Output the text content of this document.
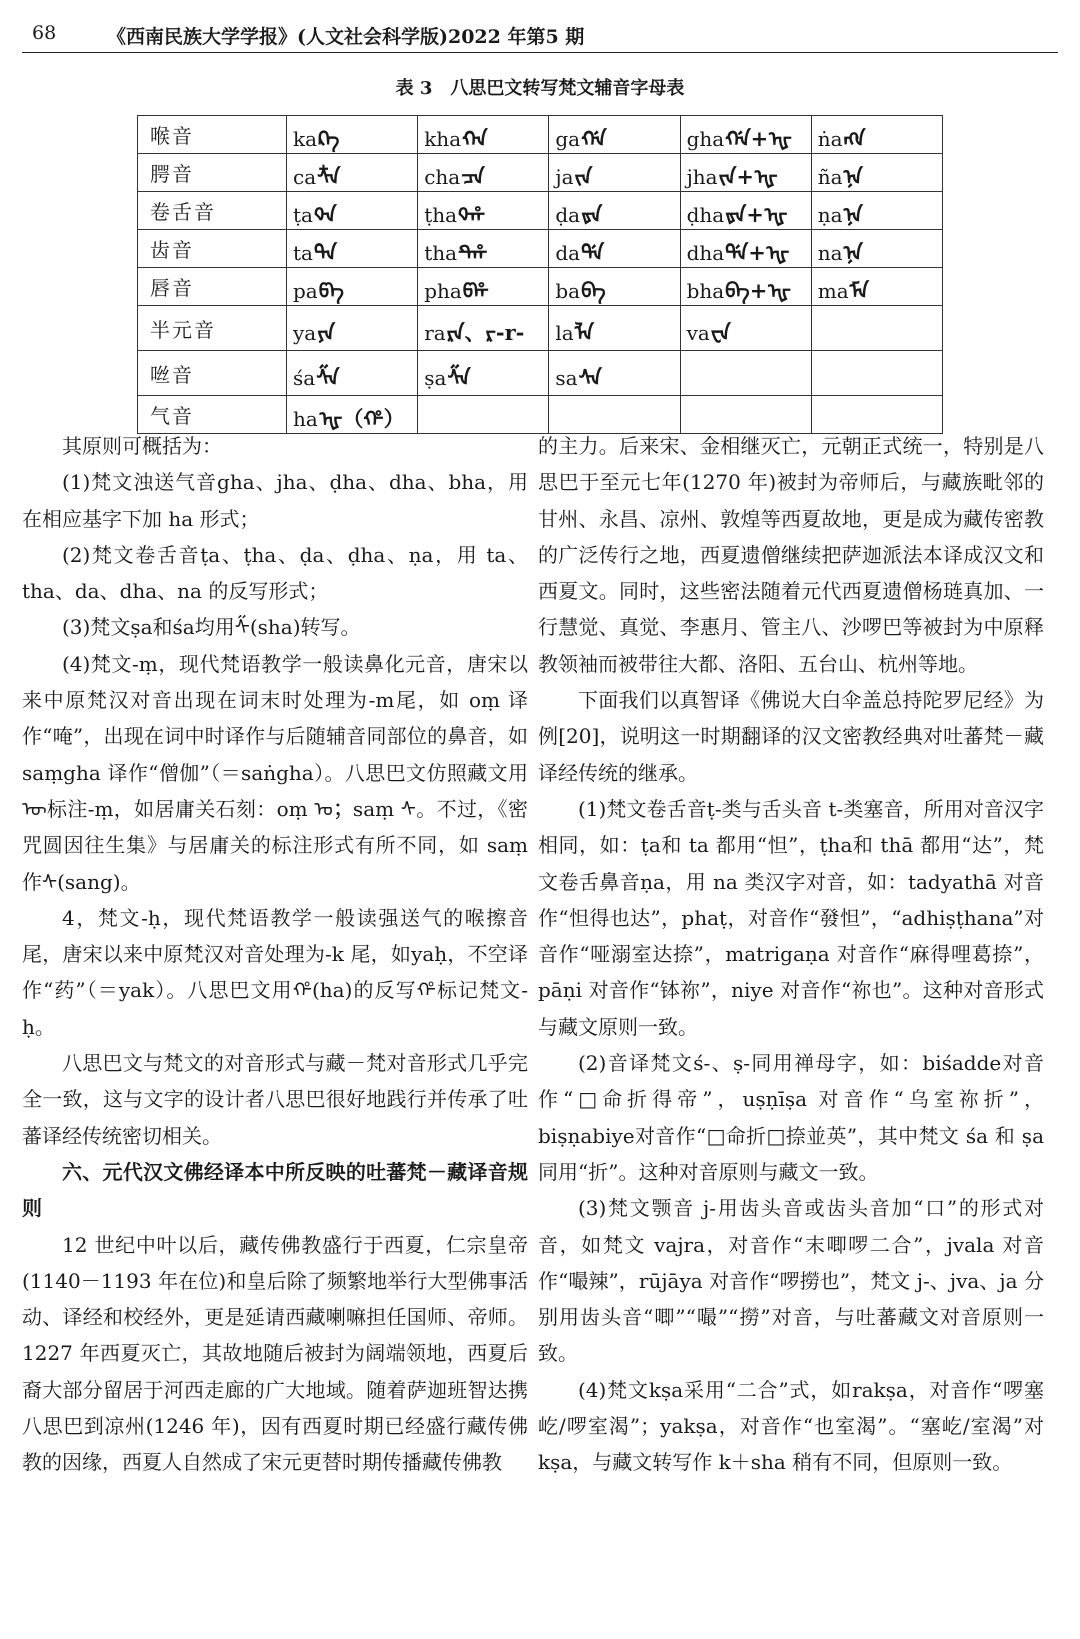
68	《西南民族大学学报》(人文社会科学版)2022 年第5 期
表 3　八思巴文转写梵文辅音字母表
喉音	kaᠺᠠ	khaᠬᠠ	gaᡤᠠ	ghaᡤᠠ+ᠾ	ṅaᠩᠠ
腭音	caᡮᠠ	chaᠴᠠ	jaᠵᠠ	jhaᠵᠠ+ᠾ	ñaᠨᠠ
卷舌音	ṭaᡐᠠ	ṭhaᡐᡥ	ḍaᡑᠠ	ḍhaᡑᠠ+ᠾ	ṇaᠨᠠ
齿音	taᡨᠠ	thaᡨᡥ	daᡩᠠ	dhaᡩᠠ+ᠾ	naᠨᠠ
唇音	paᡦᠠ	phaᡦᡥ	baᠪᠠ	bhaᠪᠠ+ᠾ	maᠮᠠ
半元音	yaᠶᠠ	raᠷᠠ、ᠷ-r-	laᠯᠠ	vaᠸᠠ	
咝音	śaᠱᠠ	ṣaᠱᠠ	saᠰᠠ		
气音	haᠾ（ᡥ）				

其原则可概括为：

(1)梵文浊送气音gha、jha、ḍha、dha、bha，用在相应基字下加 ha 形式；

(2)梵文卷舌音ṭa、ṭha、ḍa、ḍha、ṇa，用 ta、tha、da、dha、na 的反写形式；

(3)梵文ṣa和śa均用ᠱ(sha)转写。

(4)梵文-ṃ，现代梵语教学一般读鼻化元音，唐宋以来中原梵汉对音出现在词末时处理为-m尾，如 oṃ 译作“唵”，出现在词中时译作与后随辅音同部位的鼻音，如 saṃgha 译作“僧伽”（＝saṅgha）。八思巴文仿照藏文用ᠦ标注-ṃ，如居庸关石刻：oṃ ᠣ；saṃ ᠰ。不过，《密咒圆因往生集》与居庸关的标注形式有所不同，如 saṃ 作ᠰ(sang)。

4，梵文-ḥ，现代梵语教学一般读强送气的喉擦音尾，唐宋以来中原梵汉对音处理为-k 尾，如yaḥ，不空译作“药”（＝yak）。八思巴文用ᡥ(ha)的反写ᡥ标记梵文-ḥ。

八思巴文与梵文的对音形式与藏－梵对音形式几乎完全一致，这与文字的设计者八思巴很好地践行并传承了吐蕃译经传统密切相关。

六、元代汉文佛经译本中所反映的吐蕃梵－藏译音规则

12 世纪中叶以后，藏传佛教盛行于西夏，仁宗皇帝(1140－1193 年在位)和皇后除了频繁地举行大型佛事活动、译经和校经外，更是延请西藏喇嘛担任国师、帝师。1227 年西夏灭亡，其故地随后被封为阔端领地，西夏后裔大部分留居于河西走廊的广大地域。随着萨迦班智达携八思巴到凉州(1246 年)，因有西夏时期已经盛行藏传佛教的因缘，西夏人自然成了宋元更替时期传播藏传佛教

的主力。后来宋、金相继灭亡，元朝正式统一，特别是八思巴于至元七年(1270 年)被封为帝师后，与藏族毗邻的甘州、永昌、凉州、敦煌等西夏故地，更是成为藏传密教的广泛传行之地，西夏遗僧继续把萨迦派法本译成汉文和西夏文。同时，这些密法随着元代西夏遗僧杨琏真加、一行慧觉、真觉、李惠月、管主八、沙啰巴等被封为中原释教领袖而被带往大都、洛阳、五台山、杭州等地。

下面我们以真智译《佛说大白伞盖总持陀罗尼经》为例[20]，说明这一时期翻译的汉文密教经典对吐蕃梵－藏译经传统的继承。

(1)梵文卷舌音ṭ-类与舌头音 t-类塞音，所用对音汉字相同，如：ṭa和 ta 都用“怛”，ṭha和 thā 都用“达”，梵文卷舌鼻音ṇa，用 na 类汉字对音，如：tadyathā 对音作“怛得也达”，phaṭ，对音作“發怛”，“adhiṣṭhana”对音作“哑溺室达捺”，matrigaṇa 对音作“麻得哩葛捺”，pāṇi 对音作“钵祢”，niye 对音作“祢也”。这种对音形式与藏文原则一致。

(2)音译梵文ś-、ṣ-同用禅母字，如：biśadde对音作“□命折得帝”，uṣṇīṣa 对音作“乌室祢折”，biṣṇabiye对音作“□命折□捺並英”，其中梵文 śa 和 ṣa同用“折”。这种对音原则与藏文一致。

(3)梵文颚音 j-用齿头音或齿头音加“口”的形式对音，如梵文 vajra，对音作“末唧啰二合”，jvala 对音作“嘬辣”，rūjāya 对音作“啰撈也”，梵文 j-、jva、ja 分别用齿头音“唧”“嘬”“撈”对音，与吐蕃藏文对音原则一致。

(4)梵文kṣa采用“二合”式，如rakṣa，对音作“啰塞屹/啰室渴”；yakṣa，对音作“也室渴”。“塞屹/室渴”对kṣa，与藏文转写作 k＋sha 稍有不同，但原则一致。
